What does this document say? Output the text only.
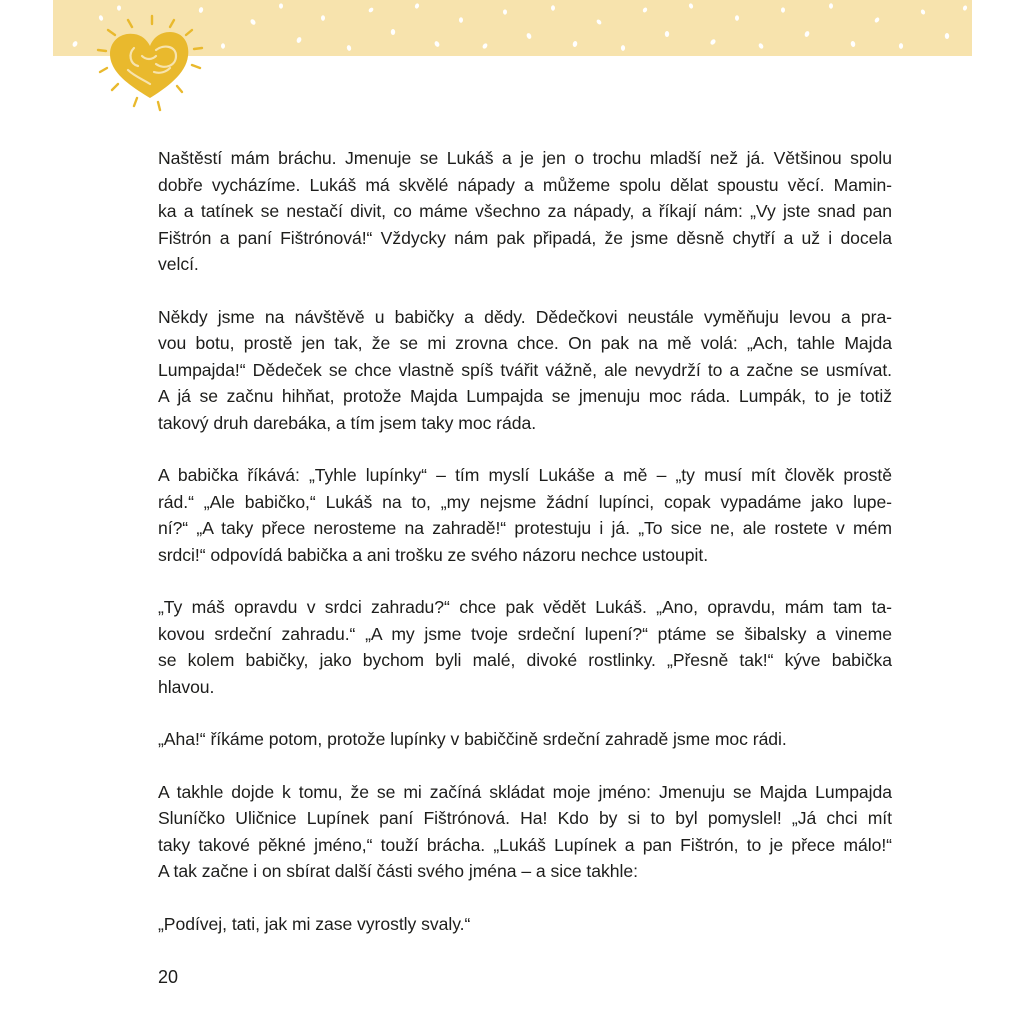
Naštěstí mám bráchu. Jmenuje se Lukáš a je jen o trochu mladší než já. Většinou spolu
dobře vycházíme. Lukáš má skvělé nápady a můžeme spolu dělat spoustu věcí. Mamin-
ka a tatínek se nestačí divit, co máme všechno za nápady, a říkají nám: „Vy jste snad pan
Fištrón a paní Fištrónová!“ Vždycky nám pak připadá, že jsme děsně chytří a už i docela
velcí.

Někdy jsme na návštěvě u babičky a dědy. Dědečkovi neustále vyměňuju levou a pra-
vou botu, prostě jen tak, že se mi zrovna chce. On pak na mě volá: „Ach, tahle Majda
Lumpajda!“ Dědeček se chce vlastně spíš tvářit vážně, ale nevydrží to a začne se usmívat.
A já se začnu hihňat, protože Majda Lumpajda se jmenuju moc ráda. Lumpák, to je totiž
takový druh darebáka, a tím jsem taky moc ráda.

A babička říkává: „Tyhle lupínky“ – tím myslí Lukáše a mě – „ty musí mít člověk prostě
rád.“ „Ale babičko,“ Lukáš na to, „my nejsme žádní lupínci, copak vypadáme jako lupe-
ní?“ „A taky přece nerosteme na zahradě!“ protestuju i já. „To sice ne, ale rostete v mém
srdci!“ odpovídá babička a ani trošku ze svého názoru nechce ustoupit.

„Ty máš opravdu v srdci zahradu?“ chce pak vědět Lukáš. „Ano, opravdu, mám tam ta-
kovou srdeční zahradu.“ „A my jsme tvoje srdeční lupení?“ ptáme se šibalsky a vineme
se kolem babičky, jako bychom byli malé, divoké rostlinky. „Přesně tak!“ kýve babička
hlavou.

„Aha!“ říkáme potom, protože lupínky v babiččině srdeční zahradě jsme moc rádi.

A takhle dojde k tomu, že se mi začíná skládat moje jméno: Jmenuju se Majda Lumpajda
Sluníčko Uličnice Lupínek paní Fištrónová. Ha! Kdo by si to byl pomyslel! „Já chci mít
taky takové pěkné jméno,“ touží brácha. „Lukáš Lupínek a pan Fištrón, to je přece málo!“
A tak začne i on sbírat další části svého jména – a sice takhle:

„Podívej, tati, jak mi zase vyrostly svaly.“

20
